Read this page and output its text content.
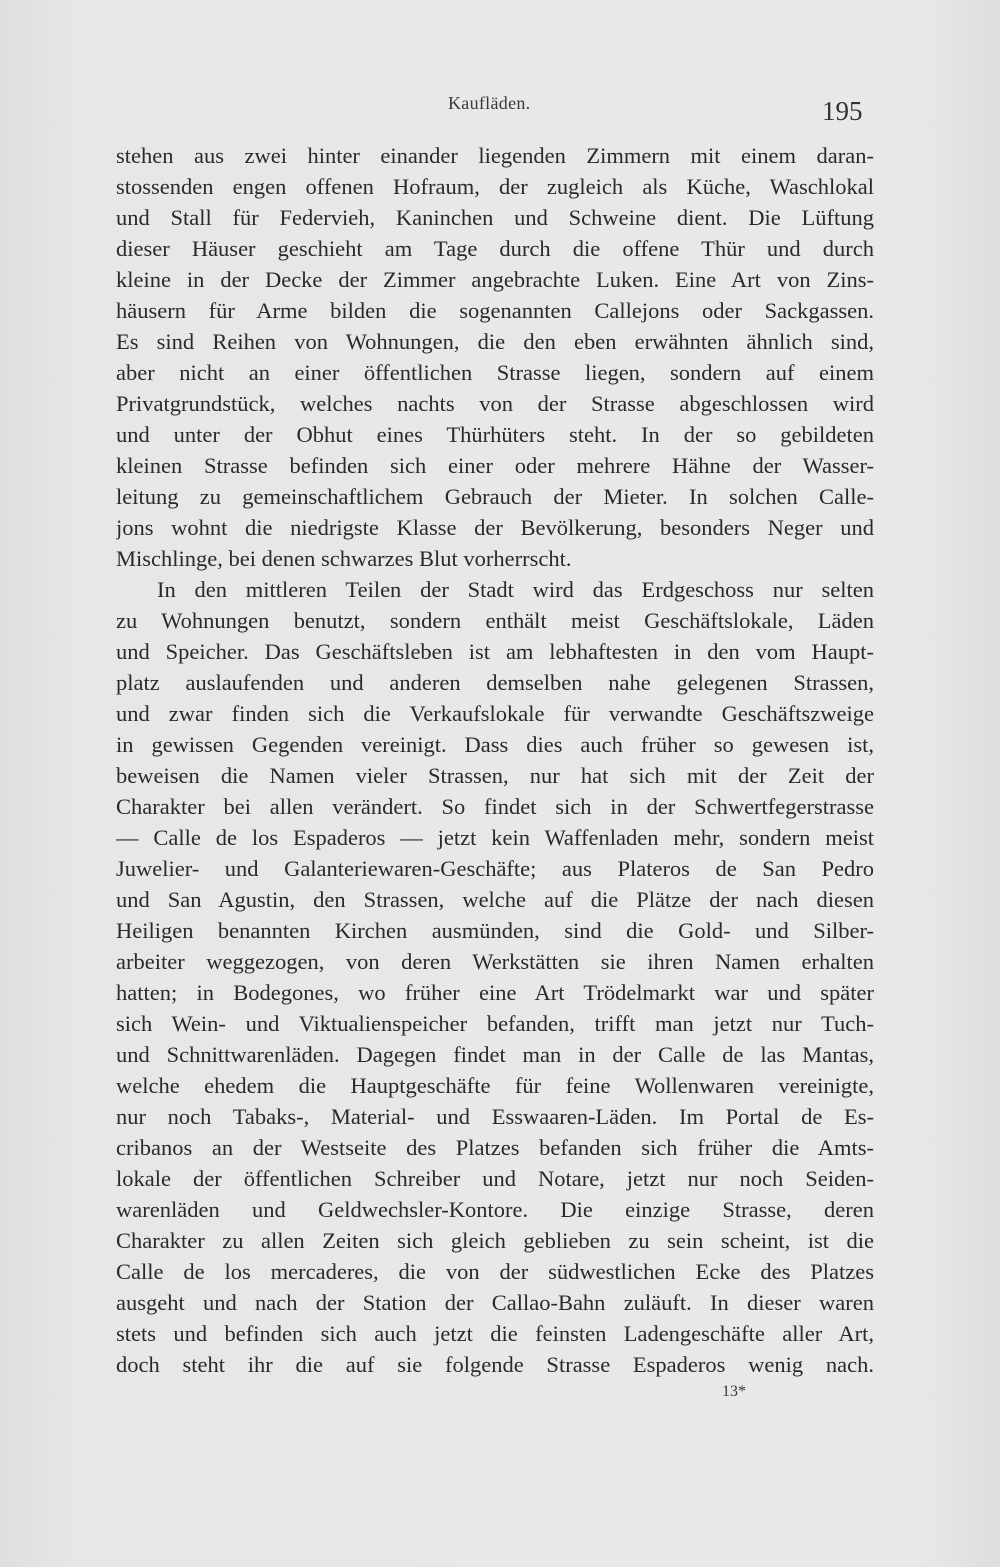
Kaufläden.	195
stehen aus zwei hinter einander liegenden Zimmern mit einem daran-
stossenden engen offenen Hofraum, der zugleich als Küche, Waschlokal
und Stall für Federvieh, Kaninchen und Schweine dient. Die Lüftung
dieser Häuser geschieht am Tage durch die offene Thür und durch
kleine in der Decke der Zimmer angebrachte Luken. Eine Art von Zins-
häusern für Arme bilden die sogenannten Callejons oder Sackgassen.
Es sind Reihen von Wohnungen, die den eben erwähnten ähnlich sind,
aber nicht an einer öffentlichen Strasse liegen, sondern auf einem
Privatgrundstück, welches nachts von der Strasse abgeschlossen wird
und unter der Obhut eines Thürhüters steht. In der so gebildeten
kleinen Strasse befinden sich einer oder mehrere Hähne der Wasser-
leitung zu gemeinschaftlichem Gebrauch der Mieter. In solchen Calle-
jons wohnt die niedrigste Klasse der Bevölkerung, besonders Neger und
Mischlinge, bei denen schwarzes Blut vorherrscht.
In den mittleren Teilen der Stadt wird das Erdgeschoss nur selten
zu Wohnungen benutzt, sondern enthält meist Geschäftslokale, Läden
und Speicher. Das Geschäftsleben ist am lebhaftesten in den vom Haupt-
platz auslaufenden und anderen demselben nahe gelegenen Strassen,
und zwar finden sich die Verkaufslokale für verwandte Geschäftszweige
in gewissen Gegenden vereinigt. Dass dies auch früher so gewesen ist,
beweisen die Namen vieler Strassen, nur hat sich mit der Zeit der
Charakter bei allen verändert. So findet sich in der Schwertfegerstrasse
— Calle de los Espaderos — jetzt kein Waffenladen mehr, sondern meist
Juwelier- und Galanteriewaren-Geschäfte; aus Plateros de San Pedro
und San Agustin, den Strassen, welche auf die Plätze der nach diesen
Heiligen benannten Kirchen ausmünden, sind die Gold- und Silber-
arbeiter weggezogen, von deren Werkstätten sie ihren Namen erhalten
hatten; in Bodegones, wo früher eine Art Trödelmarkt war und später
sich Wein- und Viktualienspeicher befanden, trifft man jetzt nur Tuch-
und Schnittwarenläden. Dagegen findet man in der Calle de las Mantas,
welche ehedem die Hauptgeschäfte für feine Wollenwaren vereinigte,
nur noch Tabaks-, Material- und Esswaaren-Läden. Im Portal de Es-
cribanos an der Westseite des Platzes befanden sich früher die Amts-
lokale der öffentlichen Schreiber und Notare, jetzt nur noch Seiden-
warenläden und Geldwechsler-Kontore. Die einzige Strasse, deren
Charakter zu allen Zeiten sich gleich geblieben zu sein scheint, ist die
Calle de los mercaderes, die von der südwestlichen Ecke des Platzes
ausgeht und nach der Station der Callao-Bahn zuläuft. In dieser waren
stets und befinden sich auch jetzt die feinsten Ladengeschäfte aller Art,
doch steht ihr die auf sie folgende Strasse Espaderos wenig nach.
13*
